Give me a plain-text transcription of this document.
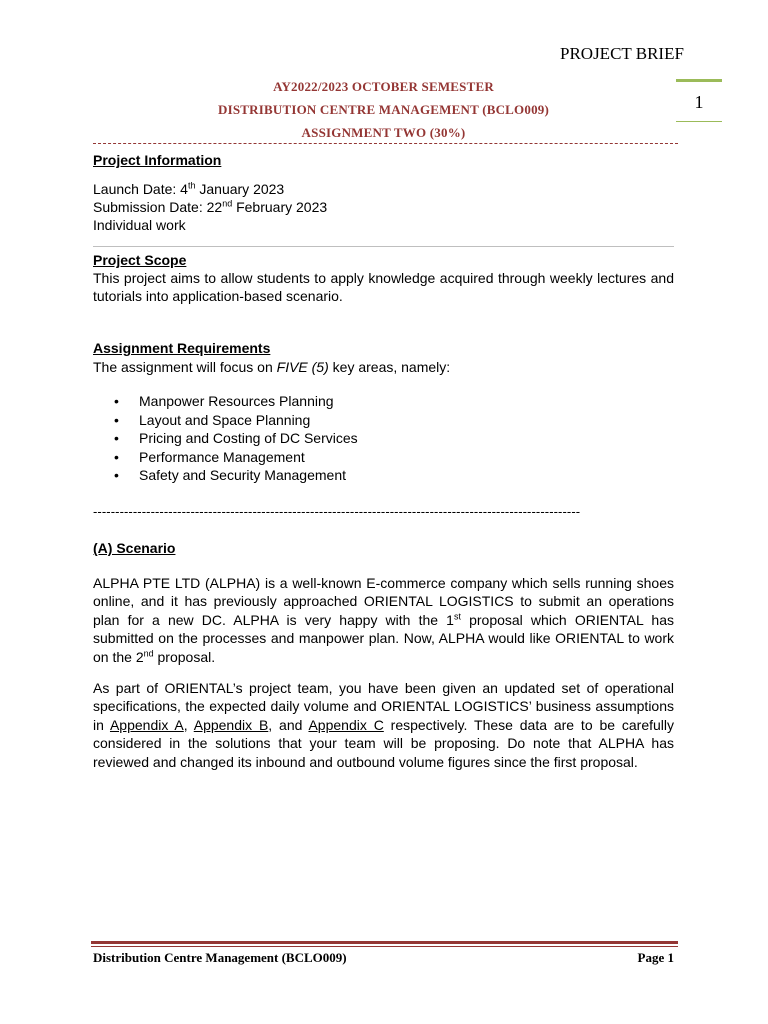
PROJECT BRIEF
1
AY2022/2023 OCTOBER SEMESTER
DISTRIBUTION CENTRE MANAGEMENT (BCLO009)
ASSIGNMENT TWO (30%)
Project Information
Launch Date: 4th January 2023
Submission Date: 22nd February 2023
Individual work
Project Scope
This project aims to allow students to apply knowledge acquired through weekly lectures and tutorials into application-based scenario.
Assignment Requirements
The assignment will focus on FIVE (5) key areas, namely:
• Manpower Resources Planning
• Layout and Space Planning
• Pricing and Costing of DC Services
• Performance Management
• Safety and Security Management
--------------------------------------------------------------------------------------------------------------
(A) Scenario
ALPHA PTE LTD (ALPHA) is a well-known E-commerce company which sells running shoes online, and it has previously approached ORIENTAL LOGISTICS to submit an operations plan for a new DC. ALPHA is very happy with the 1st proposal which ORIENTAL has submitted on the processes and manpower plan. Now, ALPHA would like ORIENTAL to work on the 2nd proposal.
As part of ORIENTAL’s project team, you have been given an updated set of operational specifications, the expected daily volume and ORIENTAL LOGISTICS’ business assumptions in Appendix A, Appendix B, and Appendix C respectively. These data are to be carefully considered in the solutions that your team will be proposing. Do note that ALPHA has reviewed and changed its inbound and outbound volume figures since the first proposal.
Distribution Centre Management (BCLO009)	Page 1
